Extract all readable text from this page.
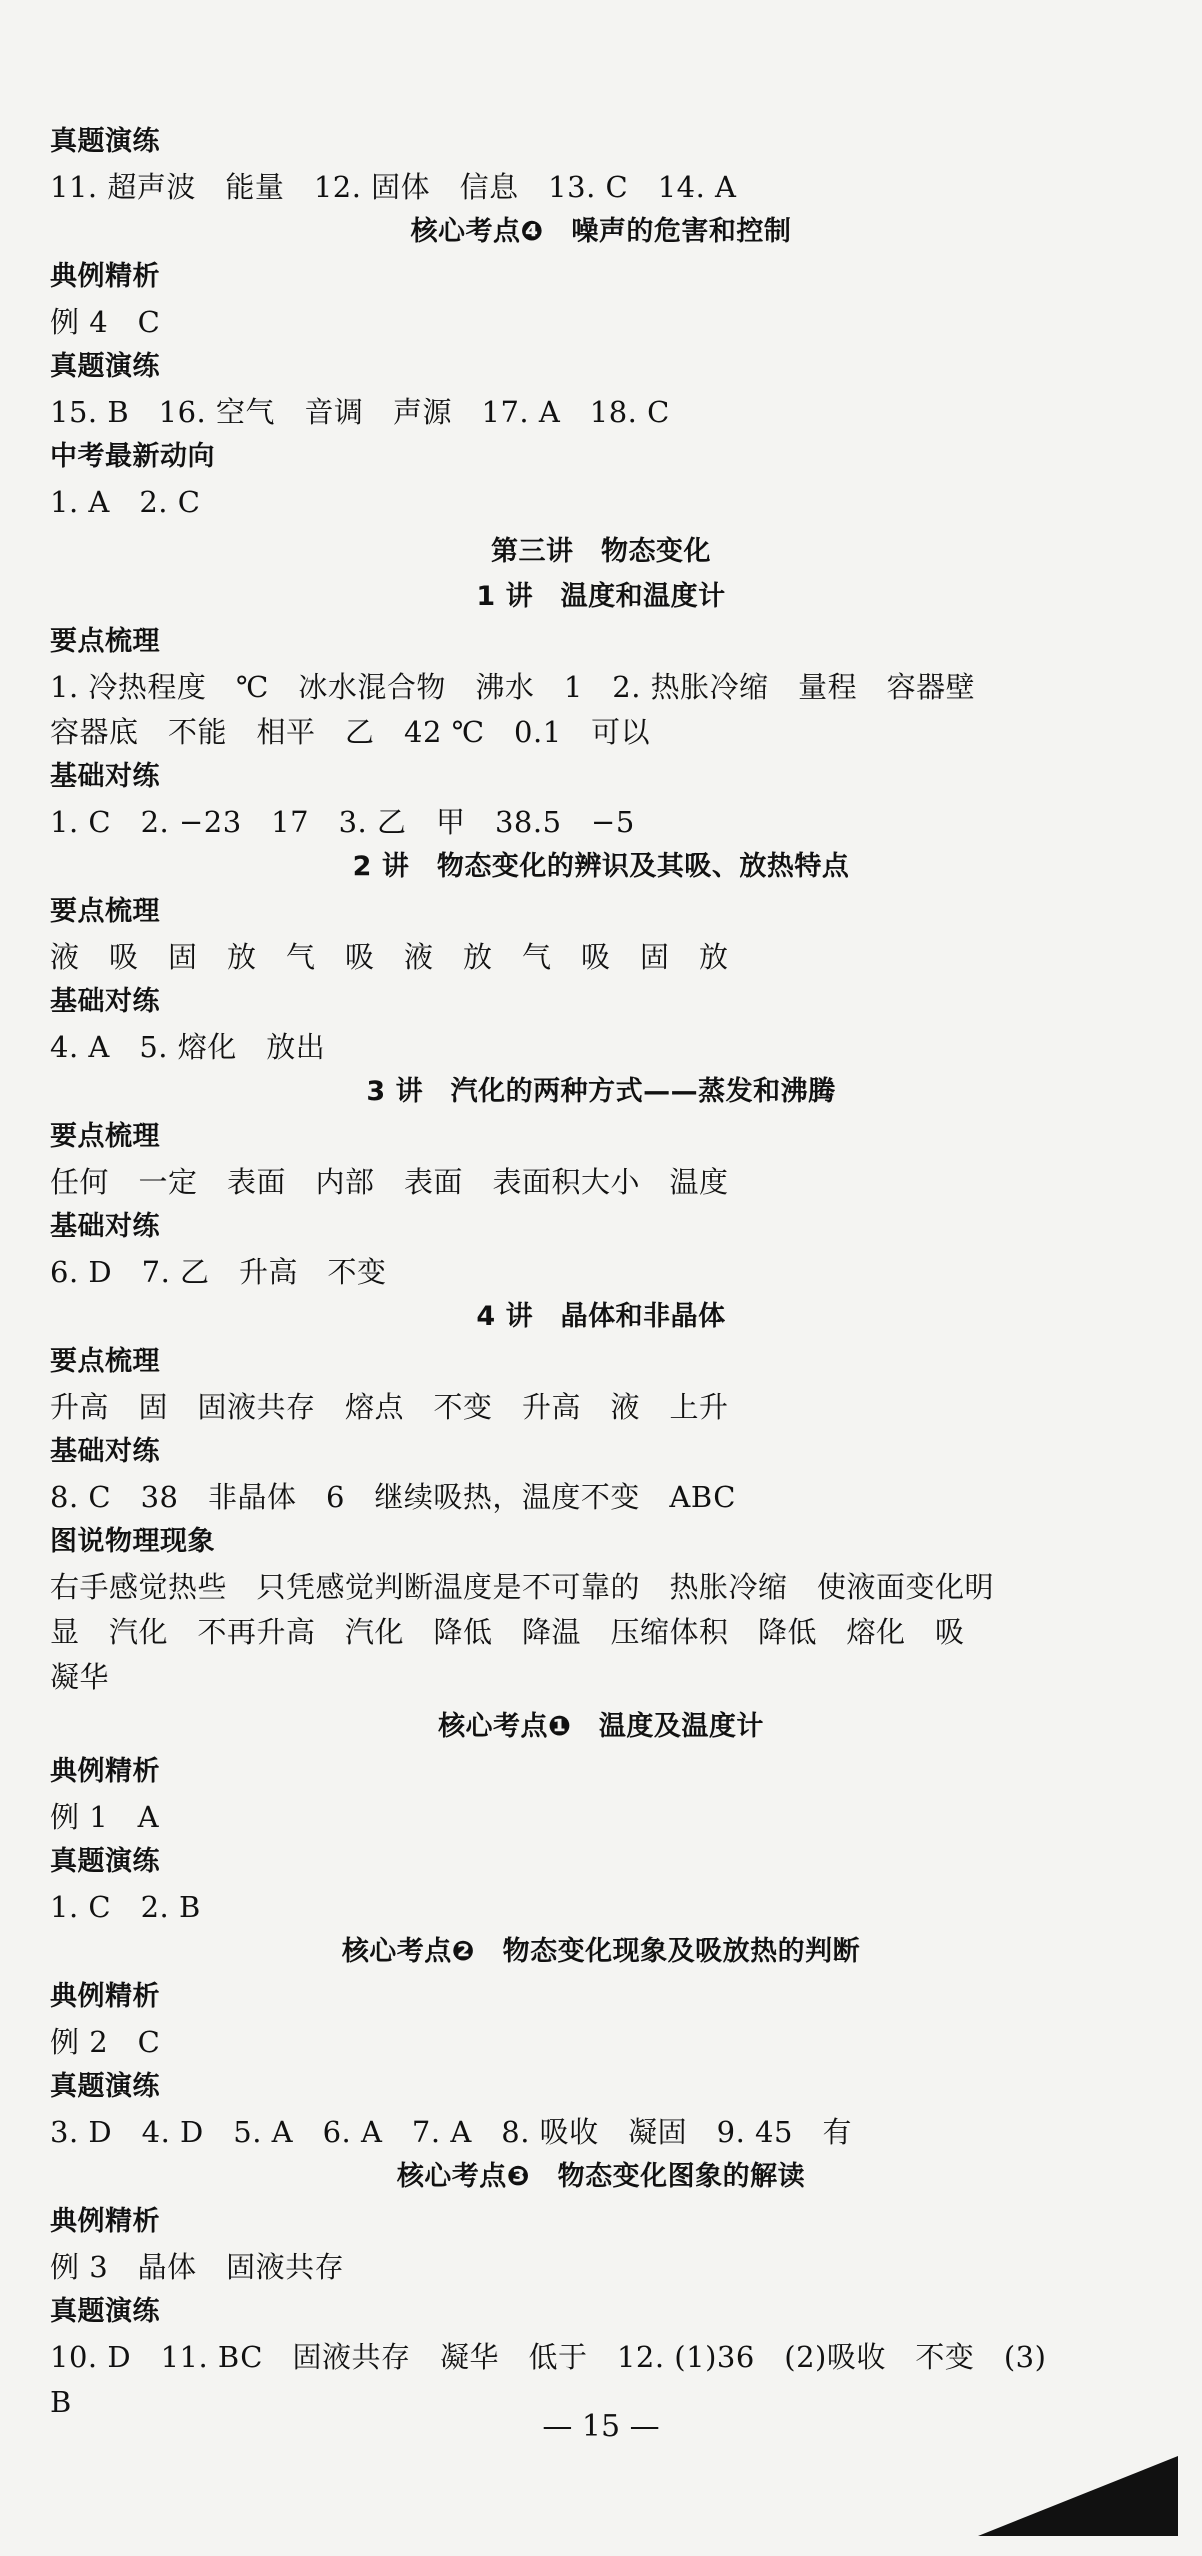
真题演练
11. 超声波　能量　12. 固体　信息　13. C　14. A
核心考点❹　噪声的危害和控制
典例精析
例 4　C
真题演练
15. B　16. 空气　音调　声源　17. A　18. C
中考最新动向
1. A　2. C
第三讲　物态变化
1 讲　温度和温度计
要点梳理
1. 冷热程度　℃　冰水混合物　沸水　1　2. 热胀冷缩　量程　容器壁
容器底　不能　相平　乙　42 ℃　0.1　可以
基础对练
1. C　2. −23　17　3. 乙　甲　38.5　−5
2 讲　物态变化的辨识及其吸、放热特点
要点梳理
液　吸　固　放　气　吸　液　放　气　吸　固　放
基础对练
4. A　5. 熔化　放出
3 讲　汽化的两种方式——蒸发和沸腾
要点梳理
任何　一定　表面　内部　表面　表面积大小　温度
基础对练
6. D　7. 乙　升高　不变
4 讲　晶体和非晶体
要点梳理
升高　固　固液共存　熔点　不变　升高　液　上升
基础对练
8. C　38　非晶体　6　继续吸热，温度不变　ABC
图说物理现象
右手感觉热些　只凭感觉判断温度是不可靠的　热胀冷缩　使液面变化明
显　汽化　不再升高　汽化　降低　降温　压缩体积　降低　熔化　吸
凝华
核心考点❶　温度及温度计
典例精析
例 1　A
真题演练
1. C　2. B
核心考点❷　物态变化现象及吸放热的判断
典例精析
例 2　C
真题演练
3. D　4. D　5. A　6. A　7. A　8. 吸收　凝固　9. 45　有
核心考点❸　物态变化图象的解读
典例精析
例 3　晶体　固液共存
真题演练
10. D　11. BC　固液共存　凝华　低于　12. (1)36　(2)吸收　不变　(3)
B
— 15 —
